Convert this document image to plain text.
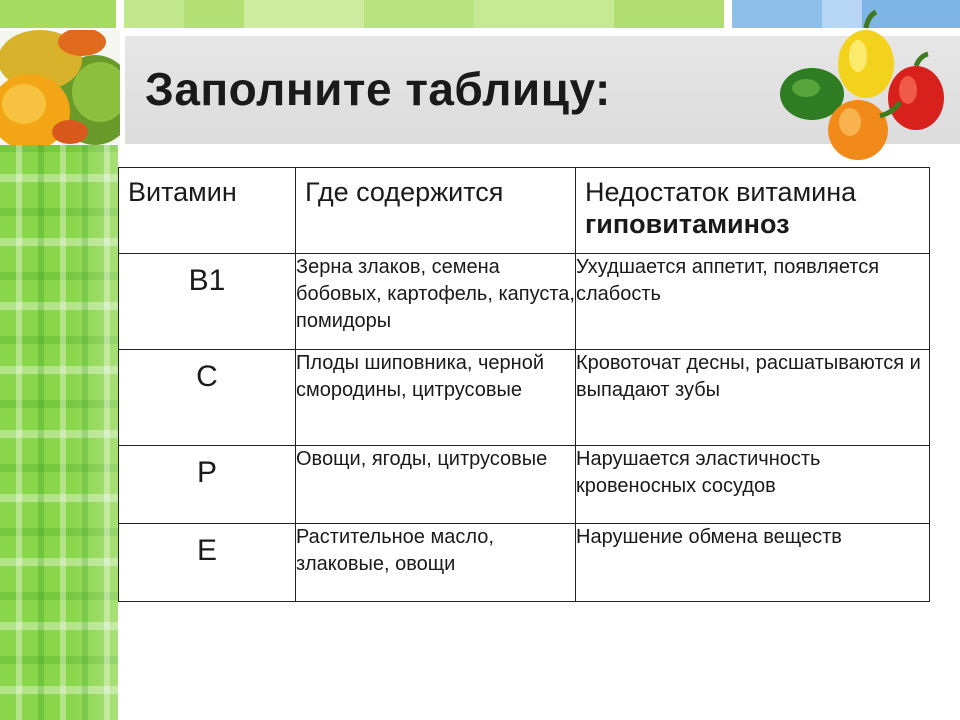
Заполните таблицу:
Витамин	Где содержится	Недостаток витамина
гиповитаминоз

B1	Зерна злаков, семена бобовых, картофель, капуста, помидоры	Ухудшается аппетит, появляется слабость
C	Плоды шиповника, черной смородины, цитрусовые	Кровоточат десны, расшатываются и выпадают зубы
P	Овощи, ягоды, цитрусовые	Нарушается эластичность кровеносных сосудов
E	Растительное масло, злаковые, овощи	Нарушение обмена веществ
